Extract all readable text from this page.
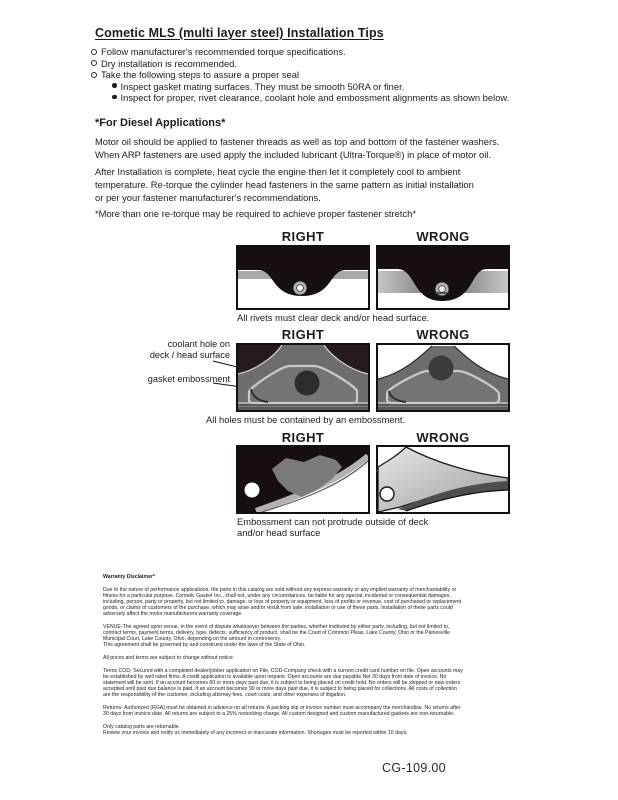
Cometic MLS (multi layer steel) Installation Tips
Follow manufacturer's recommended torque specifications.
Dry installation is recommended.
Take the following steps to assure a proper seal
Inspect gasket mating surfaces. They must be smooth 50RA or finer.
Inspect for proper, rivet clearance, coolant hole and embossment alignments as shown below.
*For Diesel Applications*
Motor oil should be applied to fastener threads as well as top and bottom of the fastener washers.
When ARP fasteners are used apply the included lubricant (Ultra-Torque®) in place of motor oil.
After Installation is complete, heat cycle the engine then let it completely cool to ambient
temperature. Re-torque the cylinder head fasteners in the same pattern as initial installation
or per your fastener manufacturer's recommendations.
*More than one re-torque may be required to achieve proper fastener stretch*
RIGHT	WRONG
All rivets must clear deck and/or head surface.
RIGHT	WRONG
coolant hole on
deck / head surface
gasket embossment
All holes must be contained by an embossment.
RIGHT	WRONG
Embossment can not protrude outside of deck
and/or head surface
Warranty Disclaimer*
Due to the nature of performance applications, the parts in this catalog are sold without any express warranty or any implied warranty of merchantability or
fitness for a particular purpose. Cometic Gasket Inc., shall not, under any circumstances, be liable for any special, incidental or consequential damages,
including, person, party or property, but not limited to, damage, or loss of property or equipment, loss of profits or revenue, cost of purchased or replacement
goods, or claims of customers of the purchase, which may arise and/or result from sale, installation or use of these parts. Installation of these parts could
adversely affect the motor manufacturers warranty coverage.
VENUE-The agreed upon venue, in the event of dispute whatsoever between the parties, whether instituted by either party, including, but not limited to,
contract terms, payment terms, delivery, type, defects, sufficiency of product, shall be the Court of Common Pleas, Lake County, Ohio or the Painesville
Municipal Court, Lake County, Ohio, depending on the amount in controversy.
This agreement shall be governed by and construed under the laws of the State of Ohio.
All prices and terms are subject to change without notice.
Terms COD- Secured with a completed dealer/jobber application on File, COD-Company check with a current credit card number on file. Open accounts may
be established by well rated firms. A credit application is available upon request. Open accounts are due payable Net 30 days from date of invoice. No
statement will be sent. If an account becomes 60 or more days past due, it is subject to being placed on credit hold. No orders will be shipped or new orders
accepted until past due balance is paid. If an account becomes 90 or more days past due, it is subject to being placed for collections. All costs of collection
are the responsibility of the customer, including attorney fees, court costs, and other expenses of litigation.
Returns- Authorized (RGA) must be obtained in advance on all returns. A packing slip or invoice number must accompany the merchandise. No returns after
30 days from invoice date. All returns are subject to a 25% restocking charge. All custom designed and custom manufactured gaskets are non-returnable.
Only catalog parts are returnable.
Review your invoice and notify us immediately of any incorrect or inaccurate information. Shortages must be reported within 10 days.
CG-109.00
